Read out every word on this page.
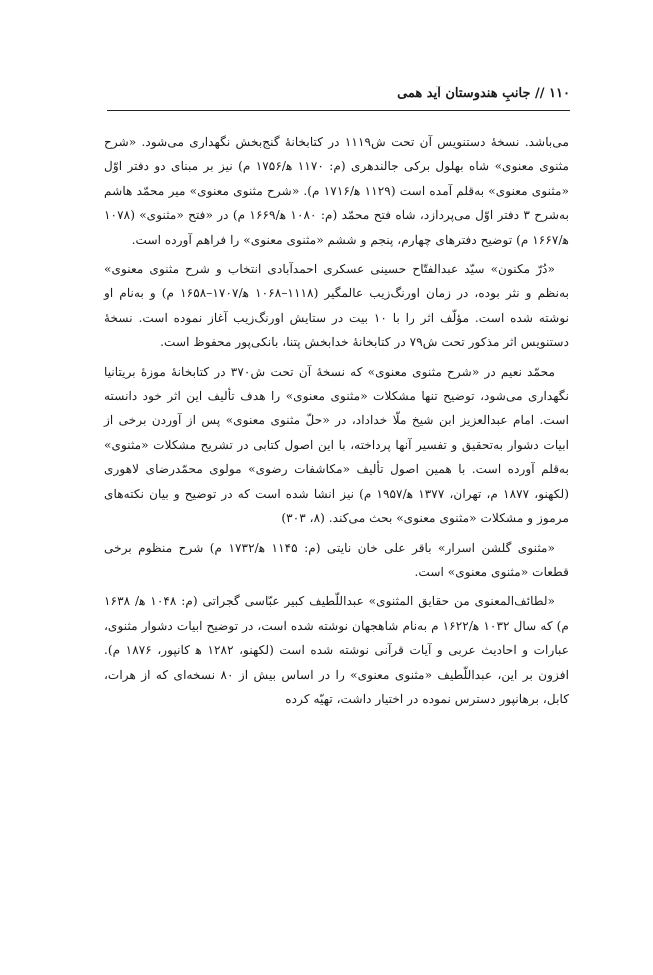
۱۱۰ // جانبِ هندوستان آید همی

می‌باشد. نسخهٔ دستنویس آن تحت ش۱۱۱۹ در کتابخانهٔ گنج‌بخش نگهداری می‌شود. «شرح مثنوی معنوی» شاه بهلول برکی جالندهری (م: ۱۱۷۰ ه‍/۱۷۵۶ م) نیز بر مبنای دو دفتر اوّل «مثنوی معنوی» به‌قلم آمده است (۱۱۲۹ ه‍/۱۷۱۶ م). «شرح مثنوی معنوی» میر محمّد هاشم به‌شرح ۳ دفتر اوّل می‌پردازد، شاه فتح محمّد (م: ۱۰۸۰ ه‍/۱۶۶۹ م) در «فتح «مثنوی» (۱۰۷۸ ه‍/۱۶۶۷ م) توضیح دفترهای چهارم، پنجم و ششم «مثنوی معنوی» را فراهم آورده است.

«دُرّ مکنون» سیّد عبدالفتّاح حسینی عسکری احمدآبادی انتخاب و شرح مثنوی معنوی» به‌نظم و نثر بوده، در زمان اورنگ‌زیب عالمگیر (۱۱۱۸–۱۰۶۸ ه‍/۱۷۰۷–۱۶۵۸ م) و به‌نام او نوشته شده است. مؤلّف اثر را با ۱۰ بیت در ستایش اورنگ‌زیب آغاز نموده است. نسخهٔ دستنویس اثر مذکور تحت ش۷۹ در کتابخانهٔ خدابخش پتنا، بانکی‌پور محفوظ است.

محمّد نعیم در «شرح مثنوی معنوی» که نسخهٔ آن تحت ش۳۷۰ در کتابخانهٔ موزهٔ بریتانیا نگهداری می‌شود، توضیح تنها مشکلات «مثنوی معنوی» را هدف تألیف این اثر خود دانسته است. امام عبدالعزیز ابن شیخ ملّا خداداد، در «حلّ مثنوی معنوی» پس از آوردن برخی از ابیات دشوار به‌تحقیق و تفسیر آنها پرداخته، با این اصول کتابی در تشریح مشکلات «مثنوی» به‌قلم آورده است. با همین اصول تألیف «مکاشفات رضوی» مولوی محمّدرضای لاهوری (لکهنو، ۱۸۷۷ م، تهران، ۱۳۷۷ ه‍/۱۹۵۷ م) نیز انشا شده است که در توضیح و بیان نکته‌های مرموز و مشکلات «مثنوی معنوی» بحث می‌کند. (۸، ۳۰۳)

«مثنوی گلشن اسرار» باقر علی خان نایتی (م: ۱۱۴۵ ه‍/۱۷۳۲ م) شرح منظوم برخی قطعات «مثنوی معنوی» است.

«لطائف‌المعنوی من حقایق المثنوی» عبداللّطیف کبیر عبّاسی گجراتی (م: ۱۰۴۸ ه‍/ ۱۶۳۸ م) که سال ۱۰۳۲ ه‍/۱۶۲۲ م به‌نام شاهجهان نوشته شده است، در توضیح ابیات دشوار مثنوی، عبارات و احادیث عربی و آیات قرآنی نوشته شده است (لکهنو، ۱۲۸۲ ه‍ کانپور، ۱۸۷۶ م). افزون بر این، عبداللّطیف «مثنوی معنوی» را در اساس بیش از ۸۰ نسخه‌ای که از هرات، کابل، برهانپور دسترس نموده در اختیار داشت، تهیّه کرده
